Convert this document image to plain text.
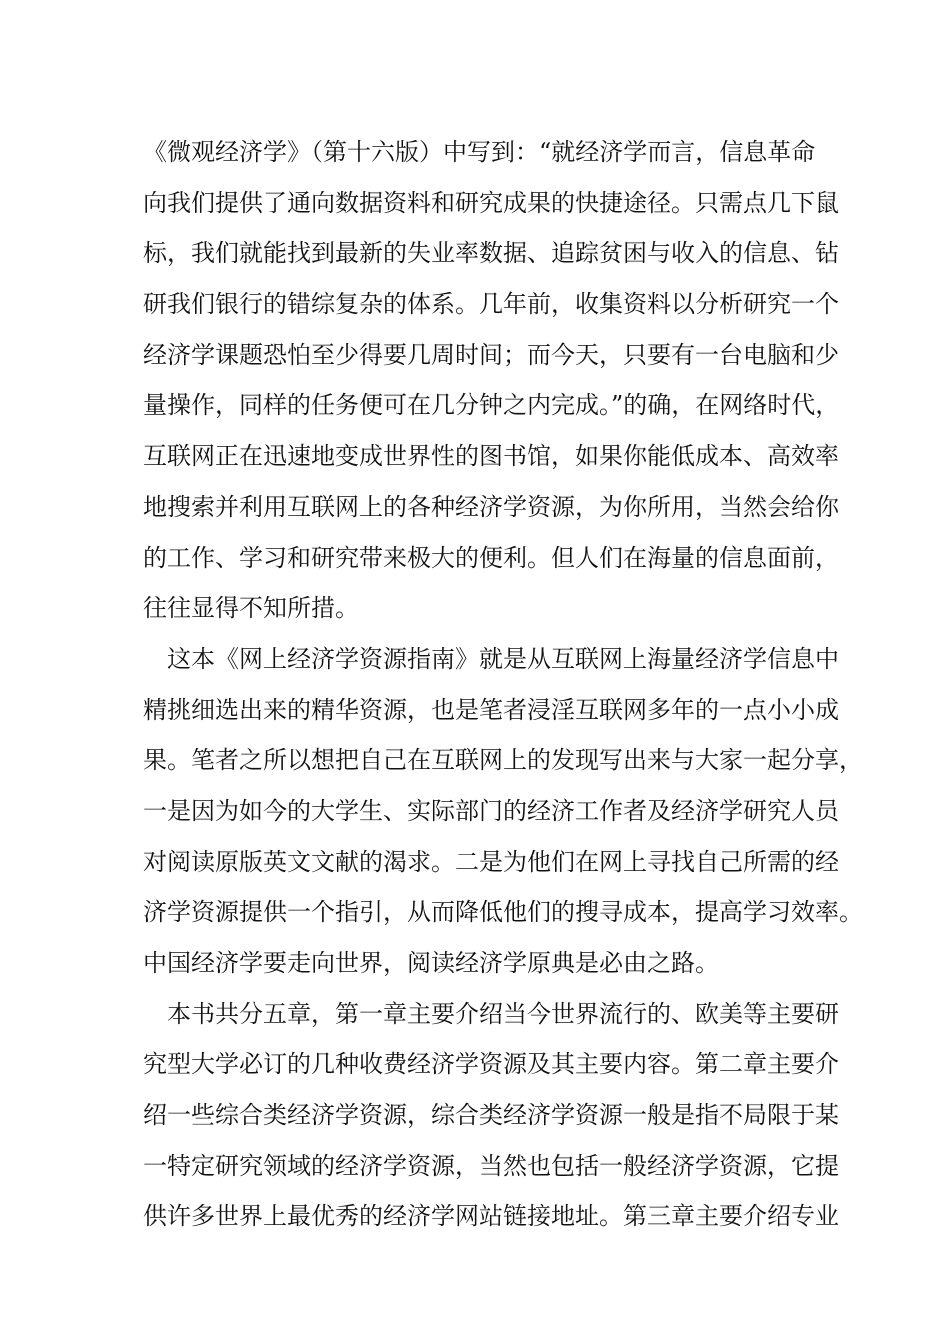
《微观经济学》（第十六版）中写到：“就经济学而言，信息革命
向我们提供了通向数据资料和研究成果的快捷途径。只需点几下鼠
标，我们就能找到最新的失业率数据、追踪贫困与收入的信息、钻
研我们银行的错综复杂的体系。几年前，收集资料以分析研究一个
经济学课题恐怕至少得要几周时间；而今天，只要有一台电脑和少
量操作，同样的任务便可在几分钟之内完成。”的确，在网络时代，
互联网正在迅速地变成世界性的图书馆，如果你能低成本、高效率
地搜索并利用互联网上的各种经济学资源，为你所用，当然会给你
的工作、学习和研究带来极大的便利。但人们在海量的信息面前，
往往显得不知所措。
　这本《网上经济学资源指南》就是从互联网上海量经济学信息中
精挑细选出来的精华资源，也是笔者浸淫互联网多年的一点小小成
果。笔者之所以想把自己在互联网上的发现写出来与大家一起分享，
一是因为如今的大学生、实际部门的经济工作者及经济学研究人员
对阅读原版英文文献的渴求。二是为他们在网上寻找自己所需的经
济学资源提供一个指引，从而降低他们的搜寻成本，提高学习效率。
中国经济学要走向世界，阅读经济学原典是必由之路。
　本书共分五章，第一章主要介绍当今世界流行的、欧美等主要研
究型大学必订的几种收费经济学资源及其主要内容。第二章主要介
绍一些综合类经济学资源，综合类经济学资源一般是指不局限于某
一特定研究领域的经济学资源，当然也包括一般经济学资源，它提
供许多世界上最优秀的经济学网站链接地址。第三章主要介绍专业
